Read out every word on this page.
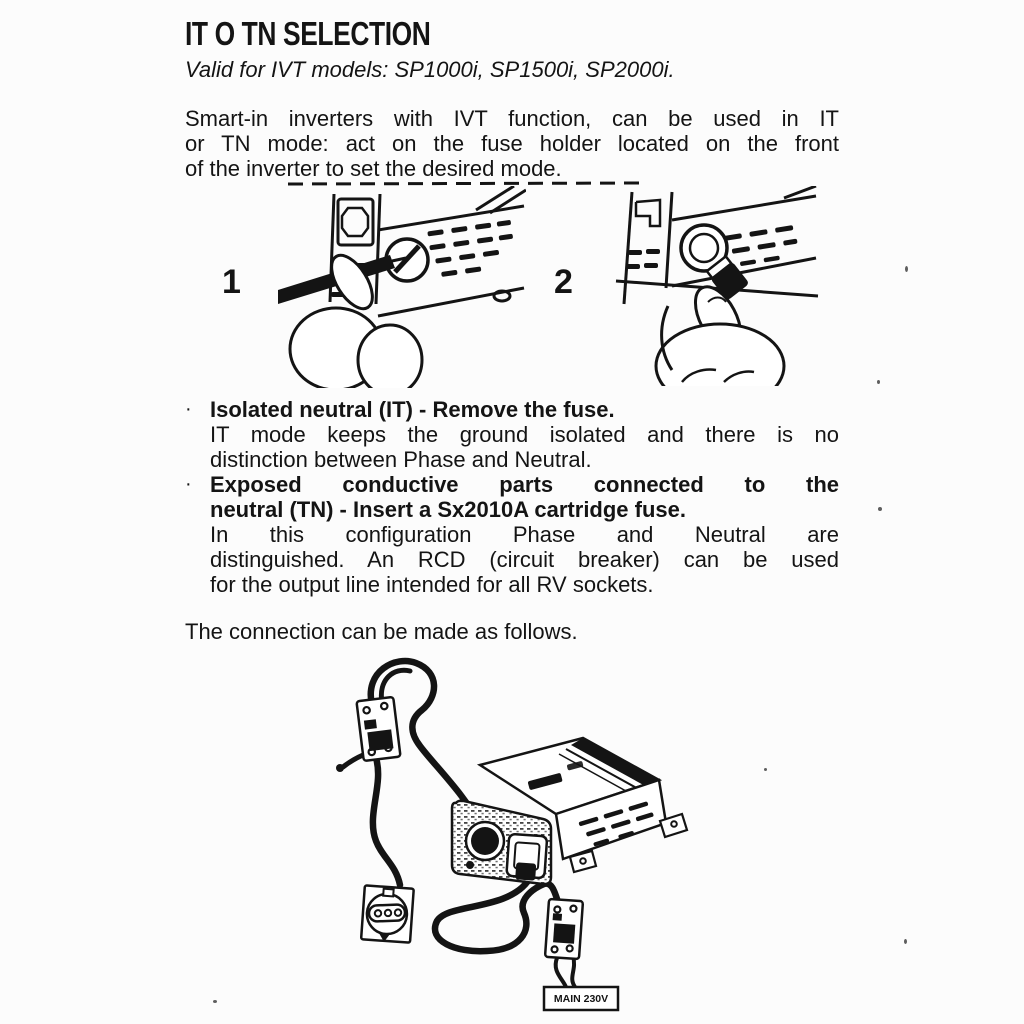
IT O TN SELECTION
Valid for IVT models: SP1000i, SP1500i, SP2000i.
Smart-in inverters with IVT function, can be used in IT
or TN mode: act on the fuse holder located on the front
of the inverter to set the desired mode.
1	2
· Isolated neutral (IT) - Remove the fuse.
IT mode keeps the ground isolated and there is no
distinction between Phase and Neutral.
· Exposed conductive parts connected to the
neutral (TN) - Insert a Sx2010A cartridge fuse.
In this configuration Phase and Neutral are
distinguished. An RCD (circuit breaker) can be used
for the output line intended for all RV sockets.
The connection can be made as follows.
MAIN 230V
